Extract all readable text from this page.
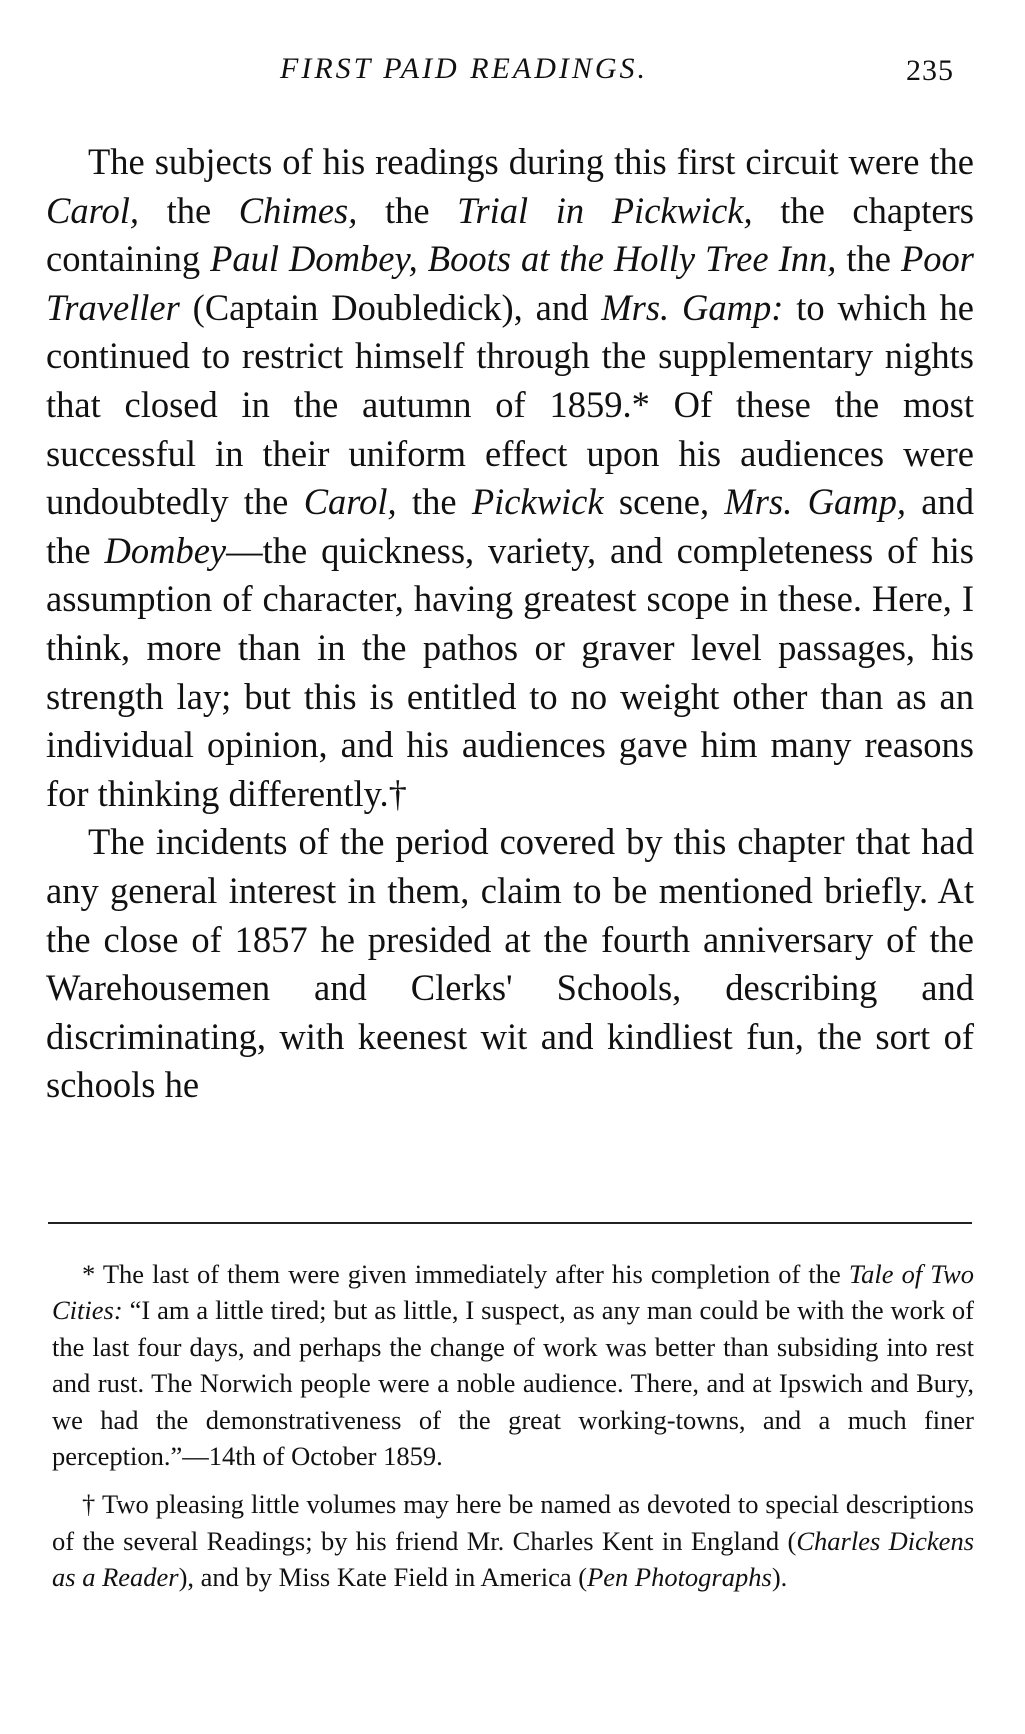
FIRST PAID READINGS.	235

The subjects of his readings during this first circuit were the Carol, the Chimes, the Trial in Pickwick, the chapters containing Paul Dombey, Boots at the Holly Tree Inn, the Poor Traveller (Captain Doubledick), and Mrs. Gamp: to which he continued to restrict himself through the supplementary nights that closed in the autumn of 1859.* Of these the most successful in their uniform effect upon his audiences were undoubtedly the Carol, the Pickwick scene, Mrs. Gamp, and the Dombey—the quickness, variety, and completeness of his assumption of character, having greatest scope in these. Here, I think, more than in the pathos or graver level passages, his strength lay; but this is entitled to no weight other than as an individual opinion, and his audiences gave him many reasons for thinking differently.†

The incidents of the period covered by this chapter that had any general interest in them, claim to be mentioned briefly. At the close of 1857 he presided at the fourth anniversary of the Warehousemen and Clerks' Schools, describing and discriminating, with keenest wit and kindliest fun, the sort of schools he

* The last of them were given immediately after his completion of the Tale of Two Cities: “I am a little tired; but as little, I suspect, as any man could be with the work of the last four days, and perhaps the change of work was better than subsiding into rest and rust. The Norwich people were a noble audience. There, and at Ipswich and Bury, we had the demonstrativeness of the great working-towns, and a much finer perception.”—14th of October 1859.

† Two pleasing little volumes may here be named as devoted to special descriptions of the several Readings; by his friend Mr. Charles Kent in England (Charles Dickens as a Reader), and by Miss Kate Field in America (Pen Photographs).
